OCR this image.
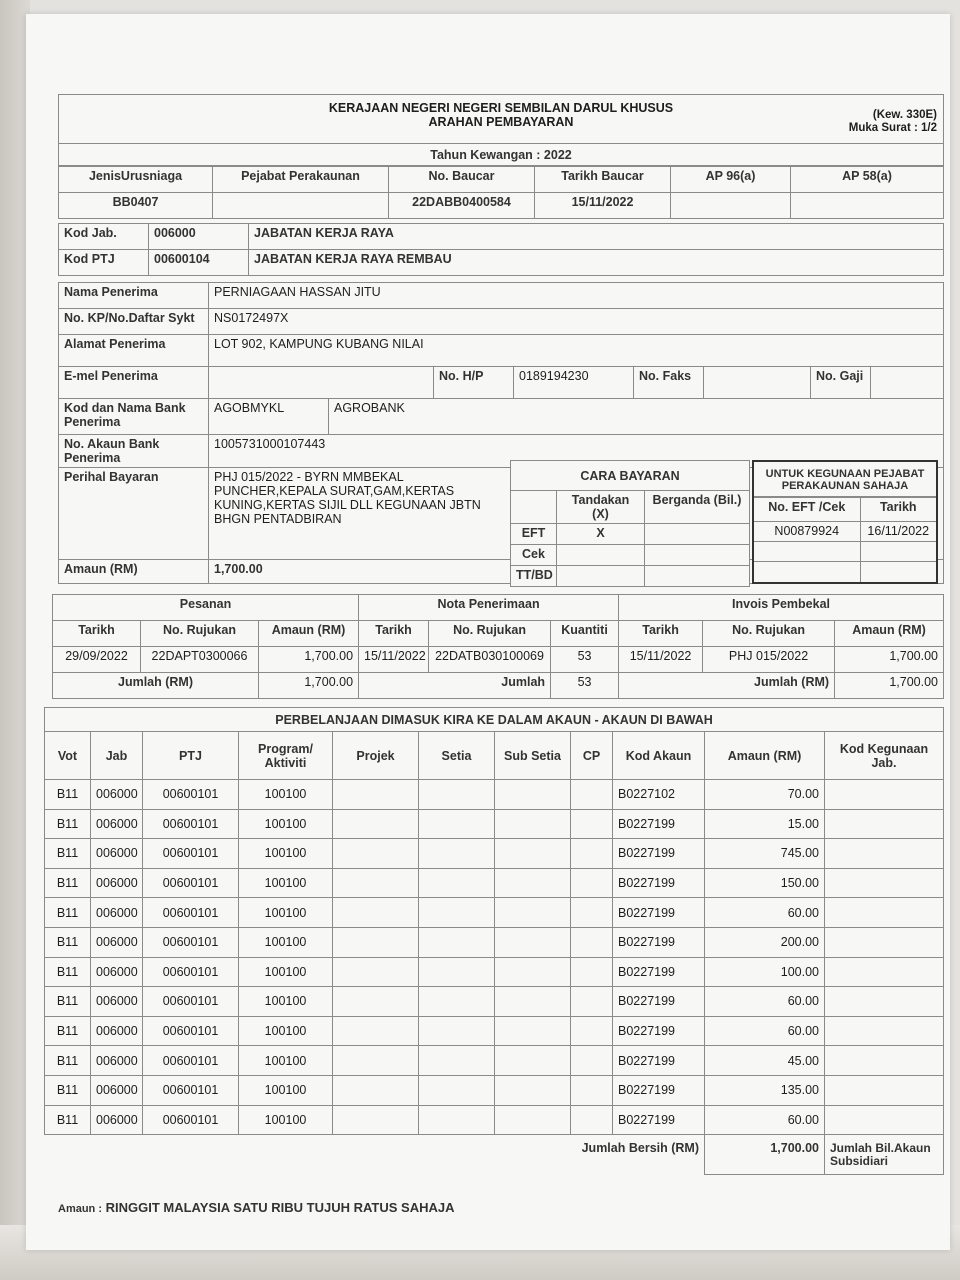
KERAJAAN NEGERI NEGERI SEMBILAN DARUL KHUSUS
ARAHAN PEMBAYARAN	(Kew. 330E)
Muka Surat : 1/2
Tahun Kewangan : 2022
JenisUrusniaga	Pejabat Perakaunan	No. Baucar	Tarikh Baucar	AP 96(a)	AP 58(a)
BB0407		22DABB0400584	15/11/2022		
Kod Jab.	006000	JABATAN KERJA RAYA
Kod PTJ	00600104	JABATAN KERJA RAYA REMBAU
Nama Penerima	PERNIAGAAN HASSAN JITU							
No. KP/No.Daftar Sykt	NS0172497X							
Alamat Penerima	LOT 902, KAMPUNG KUBANG NILAI							
E-mel Penerima			No. H/P	0189194230	No. Faks		No. Gaji	
Kod dan Nama Bank Penerima	AGOBMYKL	AGROBANK						
No. Akaun Bank Penerima	1005731000107443							
Perihal Bayaran	PHJ 015/2022 - BYRN MMBEKAL PUNCHER,KEPALA SURAT,GAM,KERTAS KUNING,KERTAS SIJIL DLL KEGUNAAN JBTN BHGN PENTADBIRAN							

Amaun (RM)	1,700.00							
CARA BAYARAN		
	Tandakan (X)	Berganda (Bil.)
EFT	X	
Cek		
TT/BD		
UNTUK KEGUNAAN PEJABAT PERAKAUNAN SAHAJA
No. EFT /Cek	Tarikh
N00879924	16/11/2022

Pesanan			Nota Penerimaan			Invois Pembekal		
Tarikh	No. Rujukan	Amaun (RM)	Tarikh	No. Rujukan	Kuantiti	Tarikh	No. Rujukan	Amaun (RM)
29/09/2022	22DAPT0300066	1,700.00	15/11/2022	22DATB030100069	53	15/11/2022	PHJ 015/2022	1,700.00
Jumlah (RM)		1,700.00	Jumlah		53	Jumlah (RM)		1,700.00
PERBELANJAAN DIMASUK KIRA KE DALAM AKAUN - AKAUN DI BAWAH
Vot	Jab	PTJ	Program/ Aktiviti	Projek	Setia	Sub Setia	CP	Kod Akaun	Amaun (RM)	Kod Kegunaan Jab.
B11	006000	00600101	100100					B0227102	70.00	
B11	006000	00600101	100100					B0227199	15.00	
B11	006000	00600101	100100					B0227199	745.00	
B11	006000	00600101	100100					B0227199	150.00	
B11	006000	00600101	100100					B0227199	60.00	
B11	006000	00600101	100100					B0227199	200.00	
B11	006000	00600101	100100					B0227199	100.00	
B11	006000	00600101	100100					B0227199	60.00	
B11	006000	00600101	100100					B0227199	60.00	
B11	006000	00600101	100100					B0227199	45.00	
B11	006000	00600101	100100					B0227199	135.00	
B11	006000	00600101	100100					B0227199	60.00	
Jumlah Bersih (RM)									1,700.00	Jumlah Bil.Akaun Subsidiari
Amaun : RINGGIT MALAYSIA SATU RIBU TUJUH RATUS SAHAJA
